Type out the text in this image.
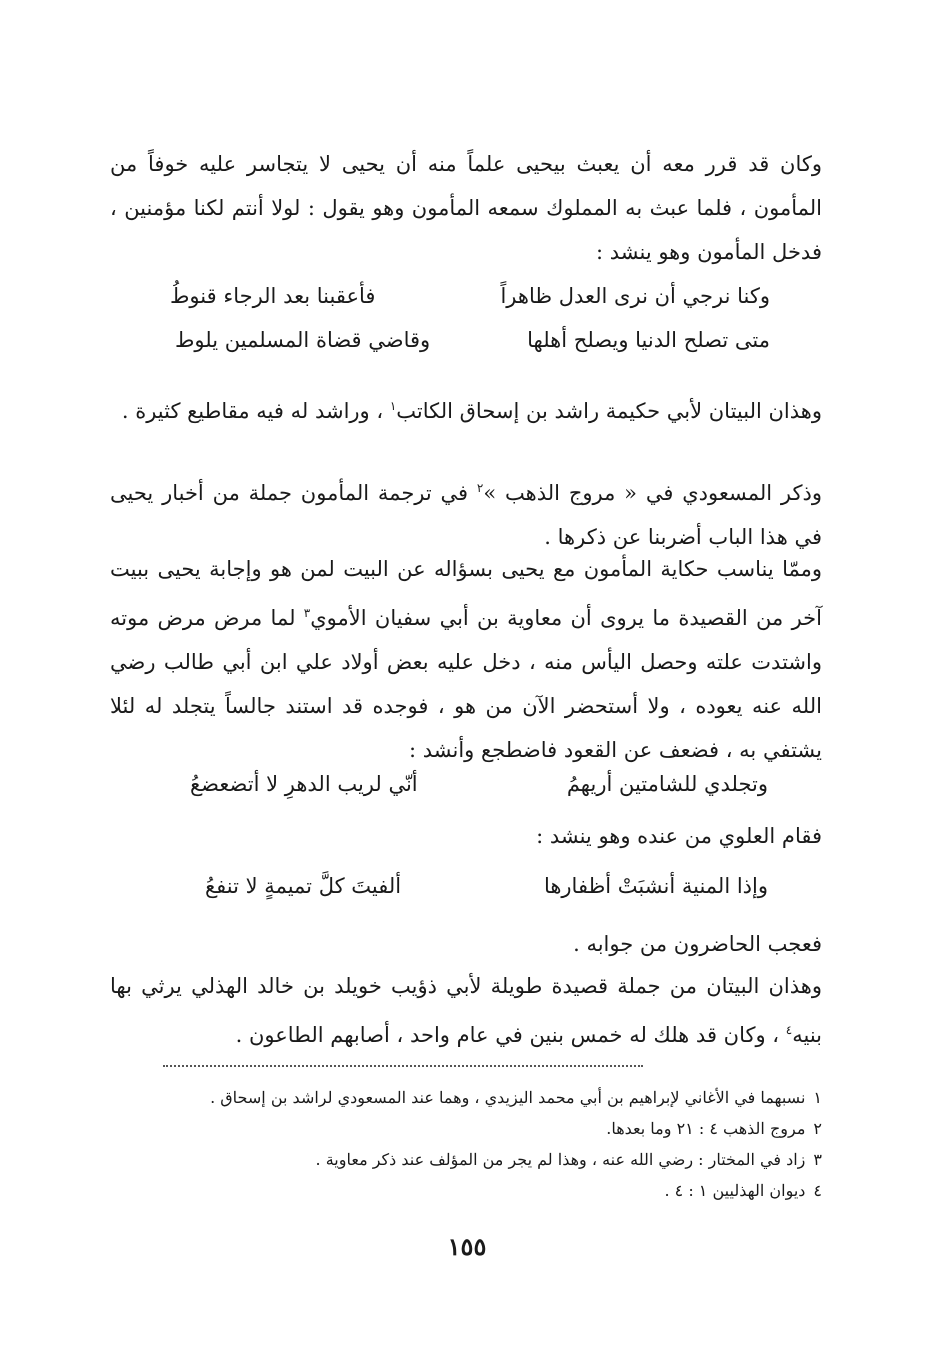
وكان قد قرر معه أن يعبث بيحيى علماً منه أن يحيى لا يتجاسر عليه خوفاً من المأمون ، فلما عبث به المملوك سمعه المأمون وهو يقول : لولا أنتم لكنا مؤمنين ، فدخل المأمون وهو ينشد :

وكنا نرجي أن نرى العدل ظاهراً
فأعقبنا بعد الرجاء قنوطُ
متى تصلح الدنيا ويصلح أهلها
وقاضي قضاة المسلمين يلوط

وهذان البيتان لأبي حكيمة راشد بن إسحاق الكاتب$^١$ ، وراشد له فيه مقاطيع كثيرة .

وذكر المسعودي في « مروج الذهب »$^٢$ في ترجمة المأمون جملة من أخبار يحيى في هذا الباب أضربنا عن ذكرها .

وممّا يناسب حكاية المأمون مع يحيى بسؤاله عن البيت لمن هو وإجابة يحيى ببيت آخر من القصيدة ما يروى أن معاوية بن أبي سفيان الأموي$^٣$ لما مرض مرض موته واشتدت علته وحصل اليأس منه ، دخل عليه بعض أولاد علي ابن أبي طالب رضي الله عنه يعوده ، ولا أستحضر الآن من هو ، فوجده قد استند جالساً يتجلد له لئلا يشتفي به ، فضعف عن القعود فاضطجع وأنشد :

وتجلدي للشامتين أريهمُ
أنّي لريب الدهرِ لا أتضعضعُ

فقام العلوي من عنده وهو ينشد :

وإذا المنية أنشبَتْ أظفارها
ألفيتَ كلَّ تميمةٍ لا تنفعُ

فعجب الحاضرون من جوابه .

وهذان البيتان من جملة قصيدة طويلة لأبي ذؤيب خويلد بن خالد الهذلي يرثي بها بنيه$^٤$ ، وكان قد هلك له خمس بنين في عام واحد ، أصابهم الطاعون .

١نسبهما في الأغاني لإبراهيم بن أبي محمد اليزيدي ، وهما عند المسعودي لراشد بن إسحاق .
٢مروج الذهب ٤ : ٢١ وما بعدها.
٣زاد في المختار : رضي الله عنه ، وهذا لم يجر من المؤلف عند ذكر معاوية .
٤ديوان الهذليين ١ : ٤ .
١٥٥
